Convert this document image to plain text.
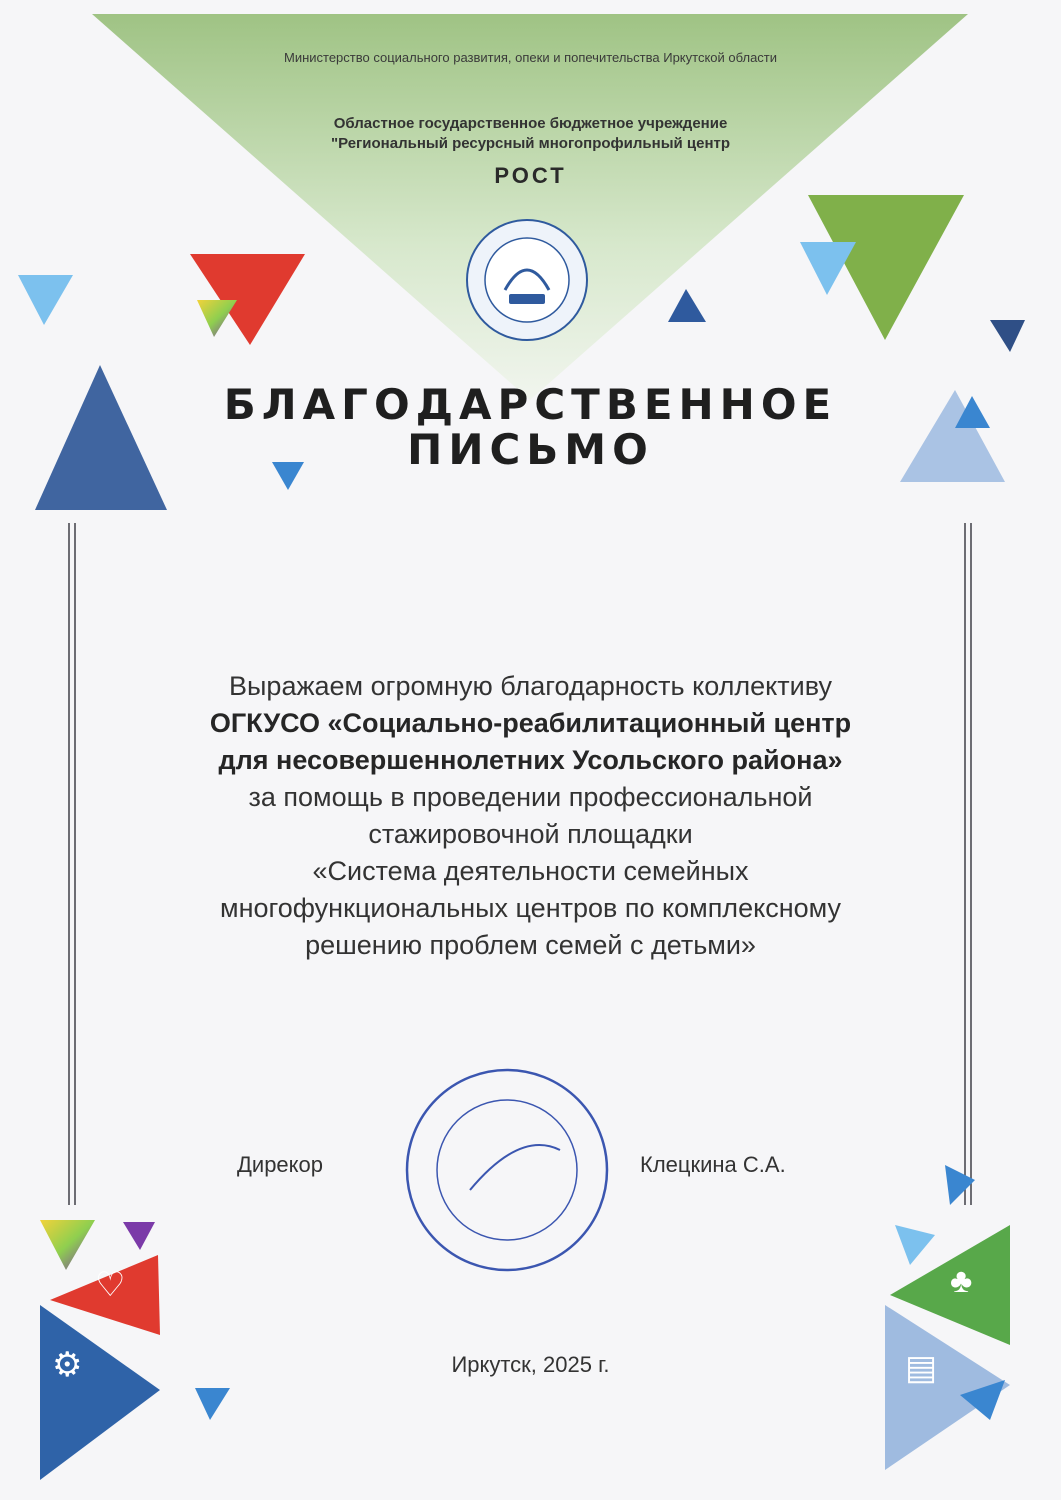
♡
⚙
♣
▤
Министерство социального развития, опеки и попечительства Иркутской области
Областное государственное бюджетное учреждение
"Региональный ресурсный многопрофильный центр
РОСТ
БЛАГОДАРСТВЕННОЕ
ПИСЬМО
Выражаем огромную благодарность коллективу
ОГКУСО «Социально-реабилитационный центр
для несовершеннолетних Усольского района»
за помощь в проведении профессиональной
стажировочной площадки
«Система деятельности семейных
многофункциональных центров по комплексному
решению проблем семей с детьми»
Дирекор	Клецкина С.А.
Иркутск, 2025 г.
